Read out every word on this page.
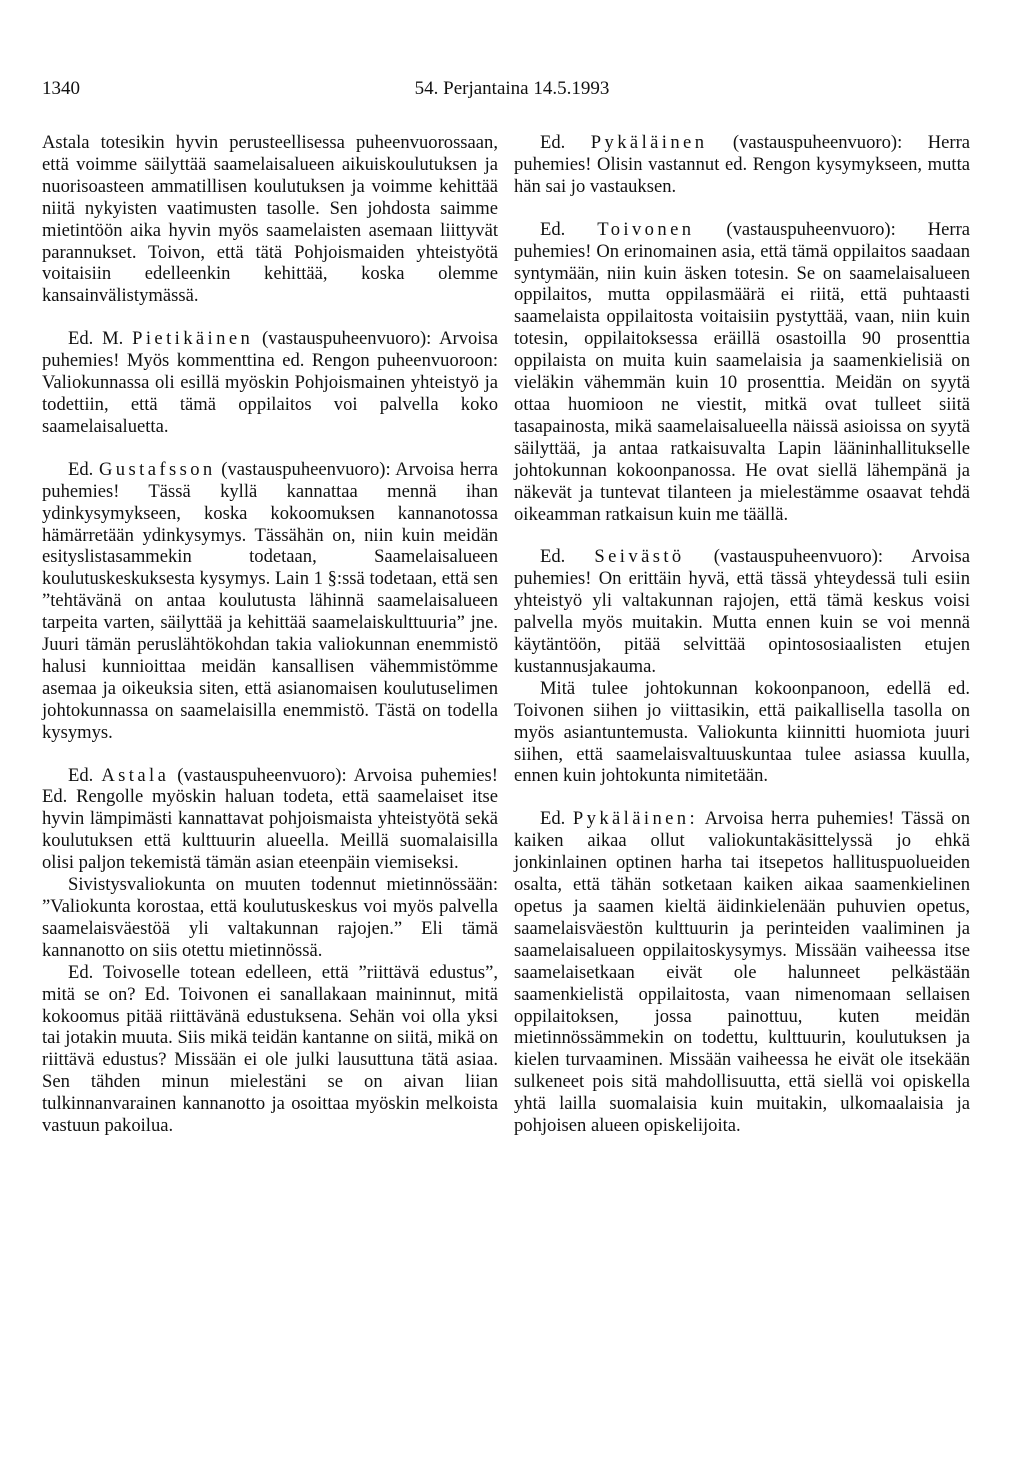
1340	54. Perjantaina 14.5.1993

Astala totesikin hyvin perusteellisessa puheenvuorossaan, että voimme säilyttää saamelaisalueen aikuiskoulutuksen ja nuorisoasteen ammatillisen koulutuksen ja voimme kehittää niitä nykyisten vaatimusten tasolle. Sen johdosta saimme mietintöön aika hyvin myös saamelaisten asemaan liittyvät parannukset. Toivon, että tätä Pohjoismaiden yhteistyötä voitaisiin edelleenkin kehittää, koska olemme kansainvälistymässä.

Ed. M. Pietikäinen (vastauspuheenvuoro): Arvoisa puhemies! Myös kommenttina ed. Rengon puheenvuoroon: Valiokunnassa oli esillä myöskin Pohjoismainen yhteistyö ja todettiin, että tämä oppilaitos voi palvella koko saamelaisaluetta.

Ed. Gustafsson (vastauspuheenvuoro): Arvoisa herra puhemies! Tässä kyllä kannattaa mennä ihan ydinkysymykseen, koska kokoomuksen kannanotossa hämärretään ydinkysymys. Tässähän on, niin kuin meidän esityslistasammekin todetaan, Saamelaisalueen koulutuskeskuksesta kysymys. Lain 1 §:ssä todetaan, että sen ”tehtävänä on antaa koulutusta lähinnä saamelaisalueen tarpeita varten, säilyttää ja kehittää saamelaiskulttuuria” jne. Juuri tämän peruslähtökohdan takia valiokunnan enemmistö halusi kunnioittaa meidän kansallisen vähemmistömme asemaa ja oikeuksia siten, että asianomaisen koulutuselimen johtokunnassa on saamelaisilla enemmistö. Tästä on todella kysymys.

Ed. Astala (vastauspuheenvuoro): Arvoisa puhemies! Ed. Rengolle myöskin haluan todeta, että saamelaiset itse hyvin lämpimästi kannattavat pohjoismaista yhteistyötä sekä koulutuksen että kulttuurin alueella. Meillä suomalaisilla olisi paljon tekemistä tämän asian eteenpäin viemiseksi.

Sivistysvaliokunta on muuten todennut mietinnössään: ”Valiokunta korostaa, että koulutuskeskus voi myös palvella saamelaisväestöä yli valtakunnan rajojen.” Eli tämä kannanotto on siis otettu mietinnössä.

Ed. Toivoselle totean edelleen, että ”riittävä edustus”, mitä se on? Ed. Toivonen ei sanallakaan maininnut, mitä kokoomus pitää riittävänä edustuksena. Sehän voi olla yksi tai jotakin muuta. Siis mikä teidän kantanne on siitä, mikä on riittävä edustus? Missään ei ole julki lausuttuna tätä asiaa. Sen tähden minun mielestäni se on aivan liian tulkinnanvarainen kannanotto ja osoittaa myöskin melkoista vastuun pakoilua.

Ed. Pykäläinen (vastauspuheenvuoro): Herra puhemies! Olisin vastannut ed. Rengon kysymykseen, mutta hän sai jo vastauksen.

Ed. Toivonen (vastauspuheenvuoro): Herra puhemies! On erinomainen asia, että tämä oppilaitos saadaan syntymään, niin kuin äsken totesin. Se on saamelaisalueen oppilaitos, mutta oppilasmäärä ei riitä, että puhtaasti saamelaista oppilaitosta voitaisiin pystyttää, vaan, niin kuin totesin, oppilaitoksessa eräillä osastoilla 90 prosenttia oppilaista on muita kuin saamelaisia ja saamenkielisiä on vieläkin vähemmän kuin 10 prosenttia. Meidän on syytä ottaa huomioon ne viestit, mitkä ovat tulleet siitä tasapainosta, mikä saamelaisalueella näissä asioissa on syytä säilyttää, ja antaa ratkaisuvalta Lapin lääninhallitukselle johtokunnan kokoonpanossa. He ovat siellä lähempänä ja näkevät ja tuntevat tilanteen ja mielestämme osaavat tehdä oikeamman ratkaisun kuin me täällä.

Ed. Seivästö (vastauspuheenvuoro): Arvoisa puhemies! On erittäin hyvä, että tässä yhteydessä tuli esiin yhteistyö yli valtakunnan rajojen, että tämä keskus voisi palvella myös muitakin. Mutta ennen kuin se voi mennä käytäntöön, pitää selvittää opintososiaalisten etujen kustannusjakauma.

Mitä tulee johtokunnan kokoonpanoon, edellä ed. Toivonen siihen jo viittasikin, että paikallisella tasolla on myös asiantuntemusta. Valiokunta kiinnitti huomiota juuri siihen, että saamelaisvaltuuskuntaa tulee asiassa kuulla, ennen kuin johtokunta nimitetään.

Ed. Pykäläinen: Arvoisa herra puhemies! Tässä on kaiken aikaa ollut valiokuntakäsittelyssä jo ehkä jonkinlainen optinen harha tai itsepetos hallituspuolueiden osalta, että tähän sotketaan kaiken aikaa saamenkielinen opetus ja saamen kieltä äidinkielenään puhuvien opetus, saamelaisväestön kulttuurin ja perinteiden vaaliminen ja saamelaisalueen oppilaitoskysymys. Missään vaiheessa itse saamelaisetkaan eivät ole halunneet pelkästään saamenkielistä oppilaitosta, vaan nimenomaan sellaisen oppilaitoksen, jossa painottuu, kuten meidän mietinnössämmekin on todettu, kulttuurin, koulutuksen ja kielen turvaaminen. Missään vaiheessa he eivät ole itsekään sulkeneet pois sitä mahdollisuutta, että siellä voi opiskella yhtä lailla suomalaisia kuin muitakin, ulkomaalaisia ja pohjoisen alueen opiskelijoita.
